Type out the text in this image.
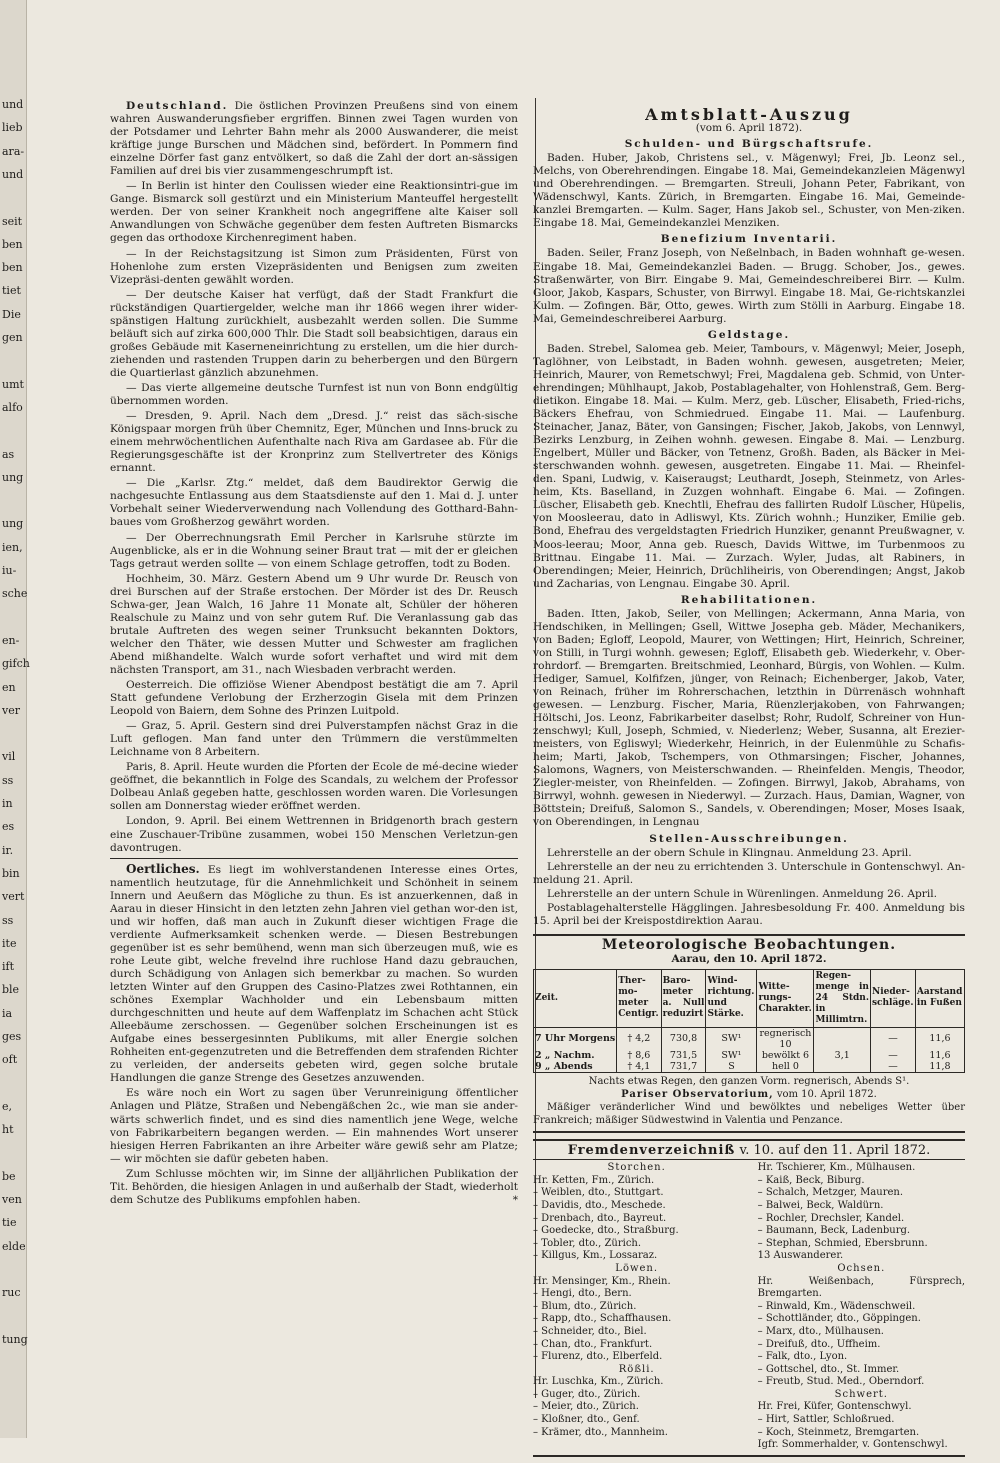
und
lieb
ara-
und
seit
ben
ben
tiet
Die
gen
umt
alfo
as
ung
ung
ien,
iu-
sche
en-
gifch
en
ver
vil
ss
in
es
ir.
bin
vert
ss
ite
ift
ble
ia
ges
oft
e,
ht
be
ven
tie
elde
ruc
tung

Deutschland. Die östlichen Provinzen Preußens sind von einem wahren Auswanderungsfieber ergriffen. Binnen zwei Tagen wurden von der Potsdamer und Lehrter Bahn mehr als 2000 Auswanderer, die meist kräftige junge Burschen und Mädchen sind, befördert. In Pommern find einzelne Dörfer fast ganz entvölkert, so daß die Zahl der dort an-sässigen Familien auf drei bis vier zusammengeschrumpft ist.

— In Berlin ist hinter den Coulissen wieder eine Reaktionsintri-gue im Gange. Bismarck soll gestürzt und ein Ministerium Manteuffel hergestellt werden. Der von seiner Krankheit noch angegriffene alte Kaiser soll Anwandlungen von Schwäche gegenüber dem festen Auftreten Bismarcks gegen das orthodoxe Kirchenregiment haben.

— In der Reichstagsitzung ist Simon zum Präsidenten, Fürst von Hohenlohe zum ersten Vizepräsidenten und Benigsen zum zweiten Vizepräsi-denten gewählt worden.

— Der deutsche Kaiser hat verfügt, daß der Stadt Frankfurt die rückständigen Quartiergelder, welche man ihr 1866 wegen ihrer wider-spänstigen Haltung zurückhielt, ausbezahlt werden sollen. Die Summe beläuft sich auf zirka 600,000 Thlr. Die Stadt soll beabsichtigen, daraus ein großes Gebäude mit Kaserneneinrichtung zu erstellen, um die hier durch-ziehenden und rastenden Truppen darin zu beherbergen und den Bürgern die Quartierlast gänzlich abzunehmen.

— Das vierte allgemeine deutsche Turnfest ist nun von Bonn endgültig übernommen worden.

— Dresden, 9. April. Nach dem „Dresd. J.“ reist das säch-sische Königspaar morgen früh über Chemnitz, Eger, München und Inns-bruck zu einem mehrwöchentlichen Aufenthalte nach Riva am Gardasee ab. Für die Regierungsgeschäfte ist der Kronprinz zum Stellvertreter des Königs ernannt.

— Die „Karlsr. Ztg.“ meldet, daß dem Baudirektor Gerwig die nachgesuchte Entlassung aus dem Staatsdienste auf den 1. Mai d. J. unter Vorbehalt seiner Wiederverwendung nach Vollendung des Gotthard-Bahn-baues vom Großherzog gewährt worden.

— Der Oberrechnungsrath Emil Percher in Karlsruhe stürzte im Augenblicke, als er in die Wohnung seiner Braut trat — mit der er gleichen Tags getraut werden sollte — von einem Schlage getroffen, todt zu Boden.

Hochheim, 30. März. Gestern Abend um 9 Uhr wurde Dr. Reusch von drei Burschen auf der Straße erstochen. Der Mörder ist des Dr. Reusch Schwa-ger, Jean Walch, 16 Jahre 11 Monate alt, Schüler der höheren Realschule zu Mainz und von sehr gutem Ruf. Die Veranlassung gab das brutale Auftreten des wegen seiner Trunksucht bekannten Doktors, welcher den Thäter, wie dessen Mutter und Schwester am fraglichen Abend mißhandelte. Walch wurde sofort verhaftet und wird mit dem nächsten Transport, am 31., nach Wiesbaden verbracht werden.

Oesterreich. Die offiziöse Wiener Abendpost bestätigt die am 7. April Statt gefundene Verlobung der Erzherzogin Gisela mit dem Prinzen Leopold von Baiern, dem Sohne des Prinzen Luitpold.

— Graz, 5. April. Gestern sind drei Pulverstampfen nächst Graz in die Luft geflogen. Man fand unter den Trümmern die verstümmelten Leichname von 8 Arbeitern.

Paris, 8. April. Heute wurden die Pforten der Ecole de mé-decine wieder geöffnet, die bekanntlich in Folge des Scandals, zu welchem der Professor Dolbeau Anlaß gegeben hatte, geschlossen worden waren. Die Vorlesungen sollen am Donnerstag wieder eröffnet werden.

London, 9. April. Bei einem Wettrennen in Bridgenorth brach gestern eine Zuschauer-Tribüne zusammen, wobei 150 Menschen Verletzun-gen davontrugen.

Oertliches. Es liegt im wohlverstandenen Interesse eines Ortes, namentlich heutzutage, für die Annehmlichkeit und Schönheit in seinem Innern und Aeußern das Mögliche zu thun. Es ist anzuerkennen, daß in Aarau in dieser Hinsicht in den letzten zehn Jahren viel gethan wor-den ist, und wir hoffen, daß man auch in Zukunft dieser wichtigen Frage die verdiente Aufmerksamkeit schenken werde. — Diesen Bestrebungen gegenüber ist es sehr bemühend, wenn man sich überzeugen muß, wie es rohe Leute gibt, welche frevelnd ihre ruchlose Hand dazu gebrauchen, durch Schädigung von Anlagen sich bemerkbar zu machen. So wurden letzten Winter auf den Gruppen des Casino-Platzes zwei Rothtannen, ein schönes Exemplar Wachholder und ein Lebensbaum mitten durchgeschnitten und heute auf dem Waffenplatz im Schachen acht Stück Alleebäume zerschossen. — Gegenüber solchen Erscheinungen ist es Aufgabe eines bessergesinnten Publikums, mit aller Energie solchen Rohheiten ent-gegenzutreten und die Betreffenden dem strafenden Richter zu verleiden, der anderseits gebeten wird, gegen solche brutale Handlungen die ganze Strenge des Gesetzes anzuwenden.

Es wäre noch ein Wort zu sagen über Verunreinigung öffentlicher Anlagen und Plätze, Straßen und Nebengäßchen 2c., wie man sie ander-wärts schwerlich findet, und es sind dies namentlich jene Wege, welche von Fabrikarbeitern begangen werden. — Ein mahnendes Wort unserer hiesigen Herren Fabrikanten an ihre Arbeiter wäre gewiß sehr am Platze; — wir möchten sie dafür gebeten haben.

Zum Schlusse möchten wir, im Sinne der alljährlichen Publikation der Tit. Behörden, die hiesigen Anlagen in und außerhalb der Stadt, wiederholt dem Schutze des Publikums empfohlen haben.	*

Amtsblatt-Auszug
(vom 6. April 1872).
Schulden- und Bürgschaftsrufe.

Baden. Huber, Jakob, Christens sel., v. Mägenwyl; Frei, Jb. Leonz sel., Melchs, von Oberehrendingen. Eingabe 18. Mai, Gemeindekanzleien Mägenwyl und Oberehrendingen. — Bremgarten. Streuli, Johann Peter, Fabrikant, von Wädenschwyl, Kants. Zürich, in Bremgarten. Eingabe 16. Mai, Gemeinde-kanzlei Bremgarten. — Kulm. Sager, Hans Jakob sel., Schuster, von Men-ziken. Eingabe 18. Mai, Gemeindekanzlei Menziken.

Benefizium Inventarii.

Baden. Seiler, Franz Joseph, von Neßelnbach, in Baden wohnhaft ge-wesen. Eingabe 18. Mai, Gemeindekanzlei Baden. — Brugg. Schober, Jos., gewes. Straßenwärter, von Birr. Eingabe 9. Mai, Gemeindeschreiberei Birr. — Kulm. Gloor, Jakob, Kaspars, Schuster, von Birrwyl. Eingabe 18. Mai, Ge-richtskanzlei Kulm. — Zofingen. Bär, Otto, gewes. Wirth zum Stölli in Aarburg. Eingabe 18. Mai, Gemeindeschreiberei Aarburg.

Geldstage.

Baden. Strebel, Salomea geb. Meier, Tambours, v. Mägenwyl; Meier, Joseph, Taglöhner, von Leibstadt, in Baden wohnh. gewesen, ausgetreten; Meier, Heinrich, Maurer, von Remetschwyl; Frei, Magdalena geb. Schmid, von Unter-ehrendingen; Mühlhaupt, Jakob, Postablagehalter, von Hohlenstraß, Gem. Berg-dietikon. Eingabe 18. Mai. — Kulm. Merz, geb. Lüscher, Elisabeth, Fried-richs, Bäckers Ehefrau, von Schmiedrued. Eingabe 11. Mai. — Laufenburg. Steinacher, Janaz, Bäter, von Gansingen; Fischer, Jakob, Jakobs, von Lennwyl, Bezirks Lenzburg, in Zeihen wohnh. gewesen. Eingabe 8. Mai. — Lenzburg. Engelbert, Müller und Bäcker, von Tetnenz, Großh. Baden, als Bäcker in Mei-sterschwanden wohnh. gewesen, ausgetreten. Eingabe 11. Mai. — Rheinfel-den. Spani, Ludwig, v. Kaiseraugst; Leuthardt, Joseph, Steinmetz, von Arles-heim, Kts. Baselland, in Zuzgen wohnhaft. Eingabe 6. Mai. — Zofingen. Lüscher, Elisabeth geb. Knechtli, Ehefrau des fallirten Rudolf Lüscher, Hüpelis, von Moosleerau, dato in Adliswyl, Kts. Zürich wohnh.; Hunziker, Emilie geb. Bond, Ehefrau des vergeldstagten Friedrich Hunziker, genannt Preußwagner, v. Moos-leerau; Moor, Anna geb. Ruesch, Davids Wittwe, im Turbenmoos zu Brittnau. Eingabe 11. Mai. — Zurzach. Wyler, Judas, alt Rabiners, in Oberendingen; Meier, Heinrich, Drüchliheiris, von Oberendingen; Angst, Jakob und Zacharias, von Lengnau. Eingabe 30. April.

Rehabilitationen.

Baden. Itten, Jakob, Seiler, von Mellingen; Ackermann, Anna Maria, von Hendschiken, in Mellingen; Gsell, Wittwe Josepha geb. Mäder, Mechanikers, von Baden; Egloff, Leopold, Maurer, von Wettingen; Hirt, Heinrich, Schreiner, von Stilli, in Turgi wohnh. gewesen; Egloff, Elisabeth geb. Wiederkehr, v. Ober-rohrdorf. — Bremgarten. Breitschmied, Leonhard, Bürgis, von Wohlen. — Kulm. Hediger, Samuel, Kolfifzen, jünger, von Reinach; Eichenberger, Jakob, Vater, von Reinach, früher im Rohrerschachen, letzthin in Dürrenäsch wohnhaft gewesen. — Lenzburg. Fischer, Maria, Rüenzlerjakoben, von Fahrwangen; Höltschi, Jos. Leonz, Fabrikarbeiter daselbst; Rohr, Rudolf, Schreiner von Hun-zenschwyl; Kull, Joseph, Schmied, v. Niederlenz; Weber, Susanna, alt Erezier-meisters, von Egliswyl; Wiederkehr, Heinrich, in der Eulenmühle zu Schafis-heim; Marti, Jakob, Tschempers, von Othmarsingen; Fischer, Johannes, Salomons, Wagners, von Meisterschwanden. — Rheinfelden. Mengis, Theodor, Ziegler-meister, von Rheinfelden. — Zofingen. Birrwyl, Jakob, Abrahams, von Birrwyl, wohnh. gewesen in Niederwyl. — Zurzach. Haus, Damian, Wagner, von Böttstein; Dreifuß, Salomon S., Sandels, v. Oberendingen; Moser, Moses Isaak, von Oberendingen, in Lengnau

Stellen-Ausschreibungen.

Lehrerstelle an der obern Schule in Klingnau. Anmeldung 23. April.

Lehrerstelle an der neu zu errichtenden 3. Unterschule in Gontenschwyl. An-meldung 21. April.

Lehrerstelle an der untern Schule in Würenlingen. Anmeldung 26. April.

Postablagehalterstelle Hägglingen. Jahresbesoldung Fr. 400. Anmeldung bis 15. April bei der Kreispostdirektion Aarau.

Meteorologische Beobachtungen.
Aarau, den 10. April 1872.
Zeit.	Ther-mo-meter Centigr.	Baro-meter a. Null reduzirt	Wind-richtung. und Stärke.	Witte-rungs-Charakter.	Regen-menge in 24 Stdn. in Millimtrn.	Nieder-schläge.	Aarstand in Fußen
7 Uhr Morgens	† 4,2	730,8	SW¹	regnerisch 10		—	11,6
2 „ Nachm.	† 8,6	731,5	SW¹	bewölkt 6	3,1	—	11,6
9 „ Abends	† 4,1	731,7	S	hell 0		—	11,8
Nachts etwas Regen, den ganzen Vorm. regnerisch, Abends S¹.
Pariser Observatorium, vom 10. April 1872.

Mäßiger veränderlicher Wind und bewölktes und nebeliges Wetter über Frankreich; mäßiger Südwestwind in Valentia und Penzance.

Fremdenverzeichniß v. 10. auf den 11. April 1872.
Storchen.
Hr. Ketten, Fm., Zürich.
– Weiblen, dto., Stuttgart.
– Davidis, dto., Meschede.
– Drenbach, dto., Bayreut.
– Goedecke, dto., Straßburg.
– Tobler, dto., Zürich.
– Killgus, Km., Lossaraz.
Löwen.
Hr. Mensinger, Km., Rhein.
– Hengi, dto., Bern.
– Blum, dto., Zürich.
– Rapp, dto., Schaffhausen.
– Schneider, dto., Biel.
– Chan, dto., Frankfurt.
– Flurenz, dto., Elberfeld.
Rößli.
Hr. Luschka, Km., Zürich.
– Guger, dto., Zürich.
– Meier, dto., Zürich.
– Kloßner, dto., Genf.
– Krämer, dto., Mannheim.
Hr. Tschierer, Km., Mülhausen.
– Kaiß, Beck, Biburg.
– Schalch, Metzger, Mauren.
– Balwei, Beck, Waldürn.
– Rochler, Drechsler, Kandel.
– Baumann, Beck, Ladenburg.
– Stephan, Schmied, Ebersbrunn.
13 Auswanderer.
Ochsen.
Hr. Weißenbach, Fürsprech, Bremgarten.
– Rinwald, Km., Wädenschweil.
– Schottländer, dto., Göppingen.
– Marx, dto., Mülhausen.
– Dreifuß, dto., Uffheim.
– Falk, dto., Lyon.
– Gottschel, dto., St. Immer.
– Freutb, Stud. Med., Oberndorf.
Schwert.
Hr. Frei, Küfer, Gontenschwyl.
– Hirt, Sattler, Schloßrued.
– Koch, Steinmetz, Bremgarten.
Igfr. Sommerhalder, v. Gontenschwyl.
